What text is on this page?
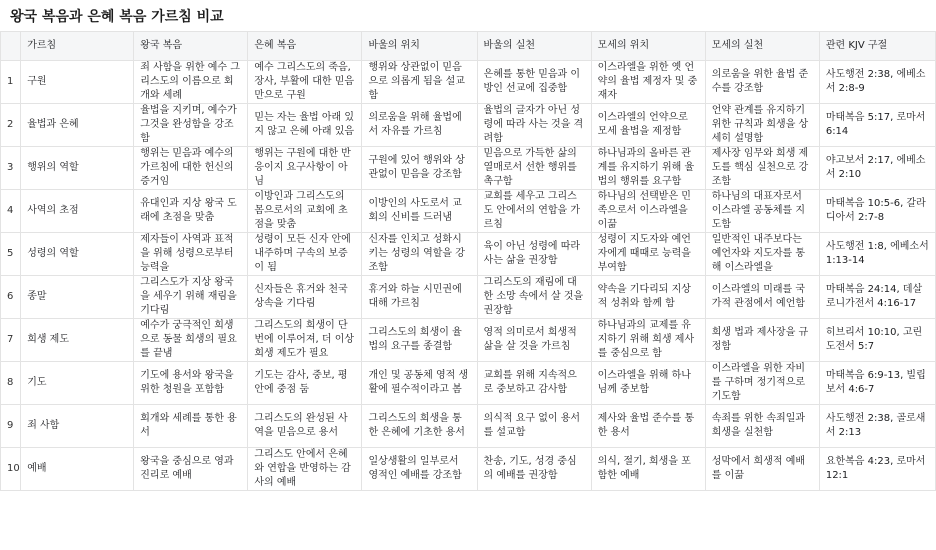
왕국 복음과 은혜 복음 가르침 비교
	가르침	왕국 복음	은혜 복음	바울의 위치	바울의 실천	모세의 위치	모세의 실천	관련 KJV 구절
1	구원	죄 사함을 위한 예수 그리스도의 이름으로 회개와 세례	예수 그리스도의 죽음, 장사, 부활에 대한 믿음만으로 구원	행위와 상관없이 믿음으로 의롭게 됨을 설교함	은혜를 통한 믿음과 이방인 선교에 집중함	이스라엘을 위한 옛 언약의 율법 제정자 및 중재자	의로움을 위한 율법 준수를 강조함	사도행전 2:38, 에베소서 2:8-9

2	율법과 은혜	율법을 지키며, 예수가 그것을 완성함을 강조함	믿는 자는 율법 아래 있지 않고 은혜 아래 있음	의로움을 위해 율법에서 자유를 가르침	율법의 글자가 아닌 성령에 따라 사는 것을 격려함	이스라엘의 언약으로 모세 율법을 제정함	언약 관계를 유지하기 위한 규칙과 희생을 상세히 설명함	마태복음 5:17, 로마서 6:14

3	행위의 역할	행위는 믿음과 예수의 가르침에 대한 헌신의 증거임	행위는 구원에 대한 반응이지 요구사항이 아님	구원에 있어 행위와 상관없이 믿음을 강조함	믿음으로 가득한 삶의 열매로서 선한 행위를 촉구함	하나님과의 올바른 관계를 유지하기 위해 율법의 행위를 요구함	제사장 임무와 희생 제도를 핵심 실천으로 강조함	야고보서 2:17, 에베소서 2:10

4	사역의 초점	유대인과 지상 왕국 도래에 초점을 맞춤	이방인과 그리스도의 몸으로서의 교회에 초점을 맞춤	이방인의 사도로서 교회의 신비를 드러냄	교회를 세우고 그리스도 안에서의 연합을 가르침	하나님의 선택받은 민족으로서 이스라엘을 이끎	하나님의 대표자로서 이스라엘 공동체를 지도함	마태복음 10:5-6, 갈라디아서 2:7-8

5	성령의 역할	제자들이 사역과 표적을 위해 성령으로부터 능력을	성령이 모든 신자 안에 내주하며 구속의 보증이 됨	신자를 인치고 성화시키는 성령의 역할을 강조함	육이 아닌 성령에 따라 사는 삶을 권장함	성령이 지도자와 예언자에게 때때로 능력을 부여함	일반적인 내주보다는 예언자와 지도자를 통해 이스라엘을	사도행전 1:8, 에베소서 1:13-14

6	종말	그리스도가 지상 왕국을 세우기 위해 재림을 기다림	신자들은 휴거와 천국 상속을 기다림	휴거와 하늘 시민권에 대해 가르침	그리스도의 재림에 대한 소망 속에서 살 것을 권장함	약속을 기다리되 지상적 성취와 함께 함	이스라엘의 미래를 국가적 관점에서 예언함	마태복음 24:14, 데살로니가전서 4:16-17

7	희생 제도	예수가 궁극적인 희생으로 동물 희생의 필요를 끝냄	그리스도의 희생이 단번에 이루어져, 더 이상 희생 제도가 필요	그리스도의 희생이 율법의 요구를 종결함	영적 의미로서 희생적 삶을 살 것을 가르침	하나님과의 교제를 유지하기 위해 희생 제사를 중심으로 함	희생 법과 제사장을 규정함	히브리서 10:10, 고린도전서 5:7

8	기도	기도에 용서와 왕국을 위한 청원을 포함함	기도는 감사, 중보, 평안에 중점 둠	개인 및 공동체 영적 생활에 필수적이라고 봄	교회를 위해 지속적으로 중보하고 감사함	이스라엘을 위해 하나님께 중보함	이스라엘을 위한 자비를 구하며 정기적으로 기도함	마태복음 6:9-13, 빌립보서 4:6-7

9	죄 사함	회개와 세례를 통한 용서	그리스도의 완성된 사역을 믿음으로 용서	그리스도의 희생을 통한 은혜에 기초한 용서	의식적 요구 없이 용서를 설교함	제사와 율법 준수를 통한 용서	속죄를 위한 속죄일과 희생을 실천함	사도행전 2:38, 골로새서 2:13

10	예배	왕국을 중심으로 영과 진리로 예배	그리스도 안에서 은혜와 연합을 반영하는 감사의 예배	일상생활의 일부로서 영적인 예배를 강조함	찬송, 기도, 성경 중심의 예배를 권장함	의식, 절기, 희생을 포함한 예배	성막에서 희생적 예배를 이끎	요한복음 4:23, 로마서 12:1
